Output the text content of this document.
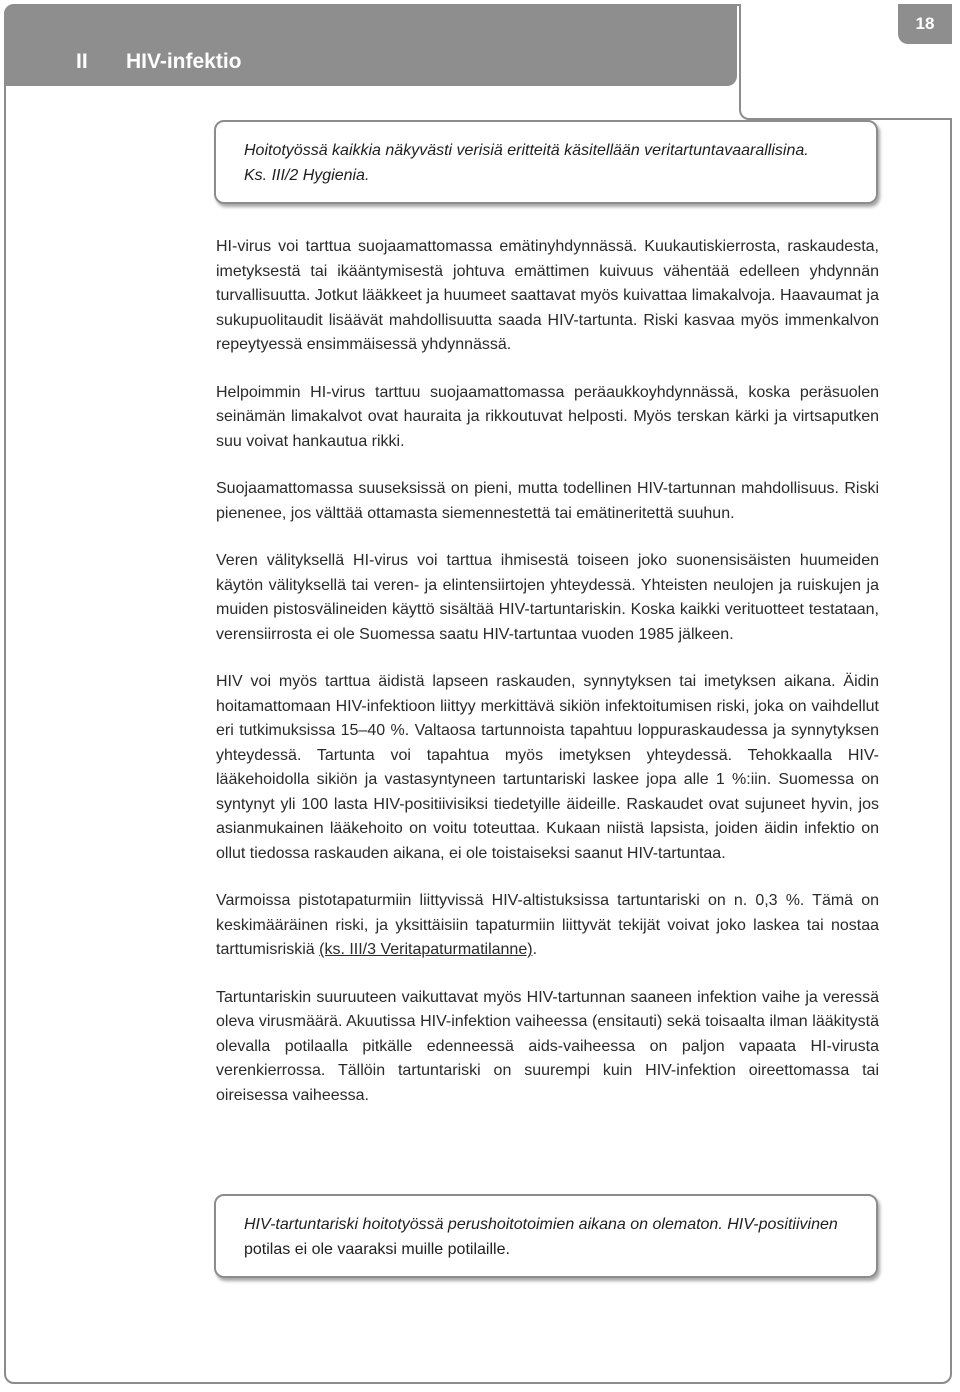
II HIV-infektio
18
Hoitotyössä kaikkia näkyvästi verisiä eritteitä käsitellään veritartuntavaarallisina.
Ks. III/2 Hygienia.

HI-virus voi tarttua suojaamattomassa emätinyhdynnässä. Kuukautiskierrosta, raskaudesta, imetyksestä tai ikääntymisestä johtuva emättimen kuivuus vähentää edelleen yhdynnän turvallisuutta. Jotkut lääkkeet ja huumeet saattavat myös kuivattaa limakalvoja. Haavaumat ja sukupuolitaudit lisäävät mahdollisuutta saada HIV-tartunta. Riski kasvaa myös immenkalvon repeytyessä ensimmäisessä yhdynnässä.

Helpoimmin HI-virus tarttuu suojaamattomassa peräaukkoyhdynnässä, koska peräsuolen seinämän limakalvot ovat hauraita ja rikkoutuvat helposti. Myös terskan kärki ja virtsaputken suu voivat hankautua rikki.

Suojaamattomassa suuseksissä on pieni, mutta todellinen HIV-tartunnan mahdollisuus. Riski pienenee, jos välttää ottamasta siemennestettä tai emätineritettä suuhun.

Veren välityksellä HI-virus voi tarttua ihmisestä toiseen joko suonensisäisten huumeiden käytön välityksellä tai veren- ja elintensiirtojen yhteydessä. Yhteisten neulojen ja ruiskujen ja muiden pistosvälineiden käyttö sisältää HIV-tartuntariskin. Koska kaikki verituotteet testataan, verensiirrosta ei ole Suomessa saatu HIV-tartuntaa vuoden 1985 jälkeen.

HIV voi myös tarttua äidistä lapseen raskauden, synnytyksen tai imetyksen aikana. Äidin hoitamattomaan HIV-infektioon liittyy merkittävä sikiön infektoitumisen riski, joka on vaihdellut eri tutkimuksissa 15–40 %. Valtaosa tartunnoista tapahtuu loppuraskaudessa ja synnytyksen yhteydessä. Tartunta voi tapahtua myös imetyksen yhteydessä. Tehokkaalla HIV-lääkehoidolla sikiön ja vastasyntyneen tartuntariski laskee jopa alle 1 %:iin. Suomessa on syntynyt yli 100 lasta HIV-positiivisiksi tiedetyille äideille. Raskaudet ovat sujuneet hyvin, jos asianmukainen lääkehoito on voitu toteuttaa. Kukaan niistä lapsista, joiden äidin infektio on ollut tiedossa raskauden aikana, ei ole toistaiseksi saanut HIV-tartuntaa.

Varmoissa pistotapaturmiin liittyvissä HIV-altistuksissa tartuntariski on n. 0,3 %. Tämä on keskimääräinen riski, ja yksittäisiin tapaturmiin liittyvät tekijät voivat joko laskea tai nostaa tarttumisriskiä (ks. III/3 Veritapaturmatilanne).

Tartuntariskin suuruuteen vaikuttavat myös HIV-tartunnan saaneen infektion vaihe ja veressä oleva virusmäärä. Akuutissa HIV-infektion vaiheessa (ensitauti) sekä toisaalta ilman lääkitystä olevalla potilaalla pitkälle edenneessä aids-vaiheessa on paljon vapaata HI-virusta verenkierrossa. Tällöin tartuntariski on suurempi kuin HIV-infektion oireettomassa tai oireisessa vaiheessa.

HIV-tartuntariski hoitotyössä perushoitotoimien aikana on olematon. HIV-positiivinen potilas ei ole vaaraksi muille potilaille.
